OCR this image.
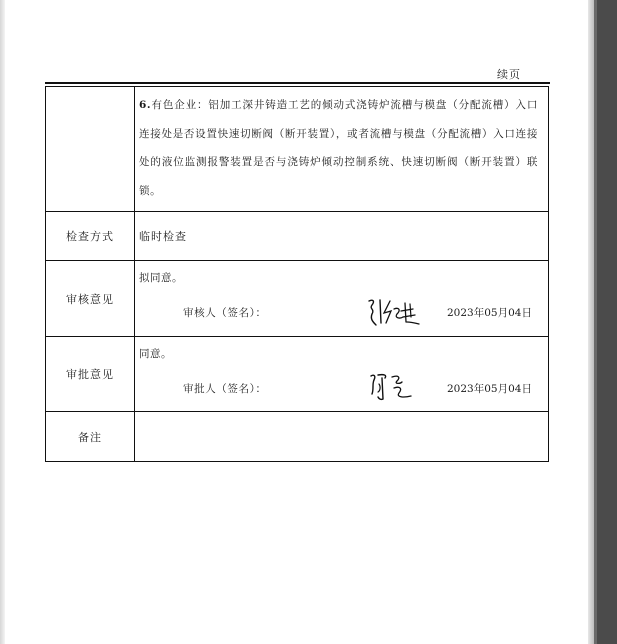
续页

	6.有色企业：铝加工深井铸造工艺的倾动式浇铸炉流槽与模盘（分配流槽）入口连接处是否设置快速切断阀（断开装置），或者流槽与模盘（分配流槽）入口连接处的液位监测报警装置是否与浇铸炉倾动控制系统、快速切断阀（断开装置）联锁。

检查方式	临时检查

审核意见	拟同意。
审核人（签名）： 2023年05月04日

审批意见	同意。
审批人（签名）： 2023年05月04日

备注	
